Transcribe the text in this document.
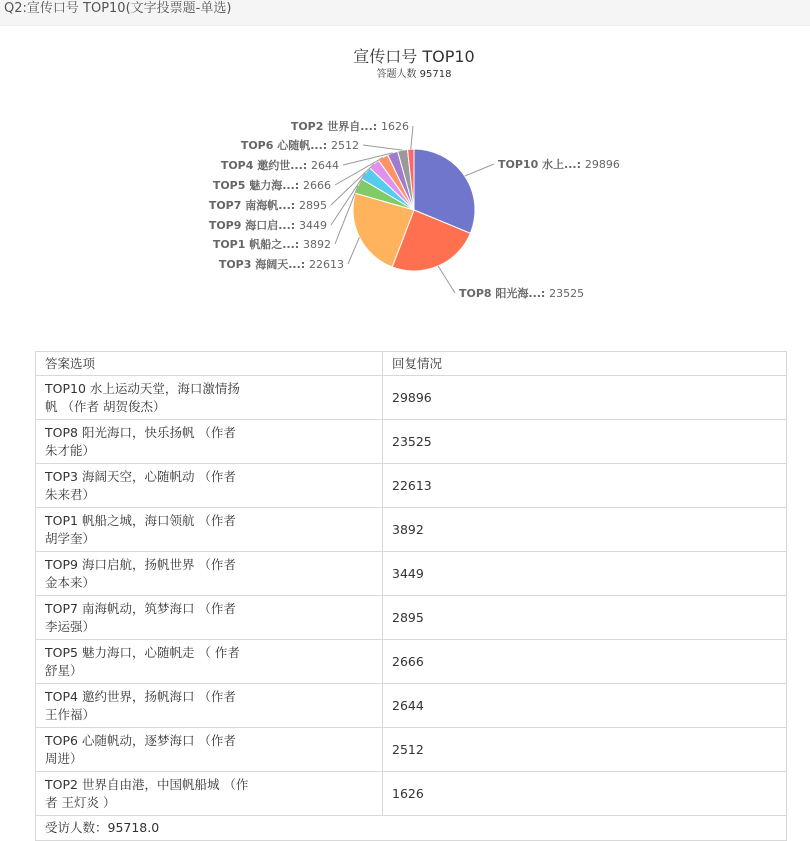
Q2:宣传口号 TOP10(文字投票题-单选)
宣传口号 TOP10
答题人数 95718
TOP10 水上...: 29896
TOP8 阳光海...: 23525
TOP3 海阔天...: 22613
TOP1 帆船之...: 3892
TOP9 海口启...: 3449
TOP7 南海帆...: 2895
TOP5 魅力海...: 2666
TOP4 邀约世...: 2644
TOP6 心随帆...: 2512
TOP2 世界自...: 1626
答案选项	回复情况

TOP10 水上运动天堂，海口激情扬帆 （作者 胡贺俊杰）	29896

TOP8 阳光海口，快乐扬帆 （作者 朱才能）	23525

TOP3 海阔天空，心随帆动 （作者 朱来君）	22613

TOP1 帆船之城，海口领航 （作者 胡学奎）	3892

TOP9 海口启航，扬帆世界 （作者 金本来）	3449

TOP7 南海帆动，筑梦海口 （作者 李运强）	2895

TOP5 魅力海口，心随帆走 （ 作者 舒星）	2666

TOP4 邀约世界，扬帆海口 （作者 王作福）	2644

TOP6 心随帆动，逐梦海口 （作者 周进）	2512

TOP2 世界自由港，中国帆船城 （作者 王灯炎 ）	1626
受访人数：95718.0	
